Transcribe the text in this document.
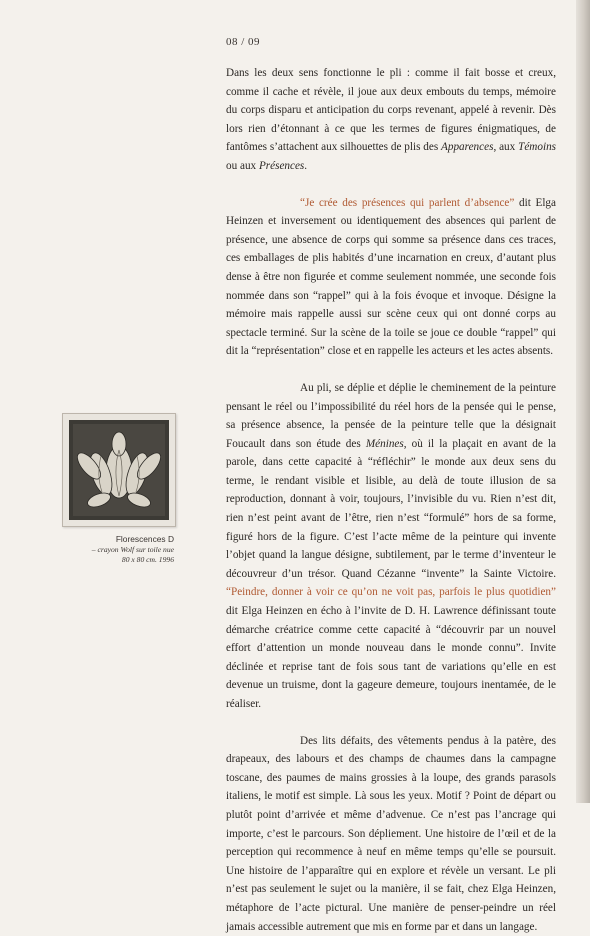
08 / 09
Florescences D
– crayon Wolf sur toile nue
80 x 80 cm. 1996

Dans les deux sens fonctionne le pli : comme il fait bosse et creux, comme il cache et révèle, il joue aux deux embouts du temps, mémoire du corps disparu et anticipation du corps revenant, appelé à revenir. Dès lors rien d’étonnant à ce que les termes de figures énigmatiques, de fantômes s’attachent aux silhouettes de plis des Apparences, aux Témoins ou aux Présences.

“Je crée des présences qui parlent d’absence” dit Elga Heinzen et inversement ou identiquement des absences qui parlent de présence, une absence de corps qui somme sa présence dans ces traces, ces emballages de plis habités d’une incarnation en creux, d’autant plus dense à être non figurée et comme seulement nommée, une seconde fois nommée dans son “rappel” qui à la fois évoque et invoque. Désigne la mémoire mais rappelle aussi sur scène ceux qui ont donné corps au spectacle terminé. Sur la scène de la toile se joue ce double “rappel” qui dit la “représentation” close et en rappelle les acteurs et les actes absents.

Au pli, se déplie et déplie le cheminement de la peinture pensant le réel ou l’impossibilité du réel hors de la pensée qui le pense, sa présence absence, la pensée de la peinture telle que la désignait Foucault dans son étude des Ménines, où il la plaçait en avant de la parole, dans cette capacité à “réfléchir” le monde aux deux sens du terme, le rendant visible et lisible, au delà de toute illusion de sa reproduction, donnant à voir, toujours, l’invisible du vu. Rien n’est dit, rien n’est peint avant de l’être, rien n’est “formulé” hors de sa forme, figuré hors de la figure. C’est l’acte même de la peinture qui invente l’objet quand la langue désigne, subtilement, par le terme d’inventeur le découvreur d’un trésor. Quand Cézanne “invente” la Sainte Victoire. “Peindre, donner à voir ce qu’on ne voit pas, parfois le plus quotidien” dit Elga Heinzen en écho à l’invite de D. H. Lawrence définissant toute démarche créatrice comme cette capacité à “découvrir par un nouvel effort d’attention un monde nouveau dans le monde connu”. Invite déclinée et reprise tant de fois sous tant de variations qu’elle en est devenue un truisme, dont la gageure demeure, toujours inentamée, de le réaliser.

Des lits défaits, des vêtements pendus à la patère, des drapeaux, des labours et des champs de chaumes dans la campagne toscane, des paumes de mains grossies à la loupe, des grands parasols italiens, le motif est simple. Là sous les yeux. Motif ? Point de départ ou plutôt point d’arrivée et même d’advenue. Ce n’est pas l’ancrage qui importe, c’est le parcours. Son dépliement. Une histoire de l’œil et de la perception qui recommence à neuf en même temps qu’elle se poursuit. Une histoire de l’apparaître qui en explore et révèle un versant. Le pli n’est pas seulement le sujet ou la manière, il se fait, chez Elga Heinzen, métaphore de l’acte pictural. Une manière de penser-peindre un réel jamais accessible autrement que mis en forme par et dans un langage.
